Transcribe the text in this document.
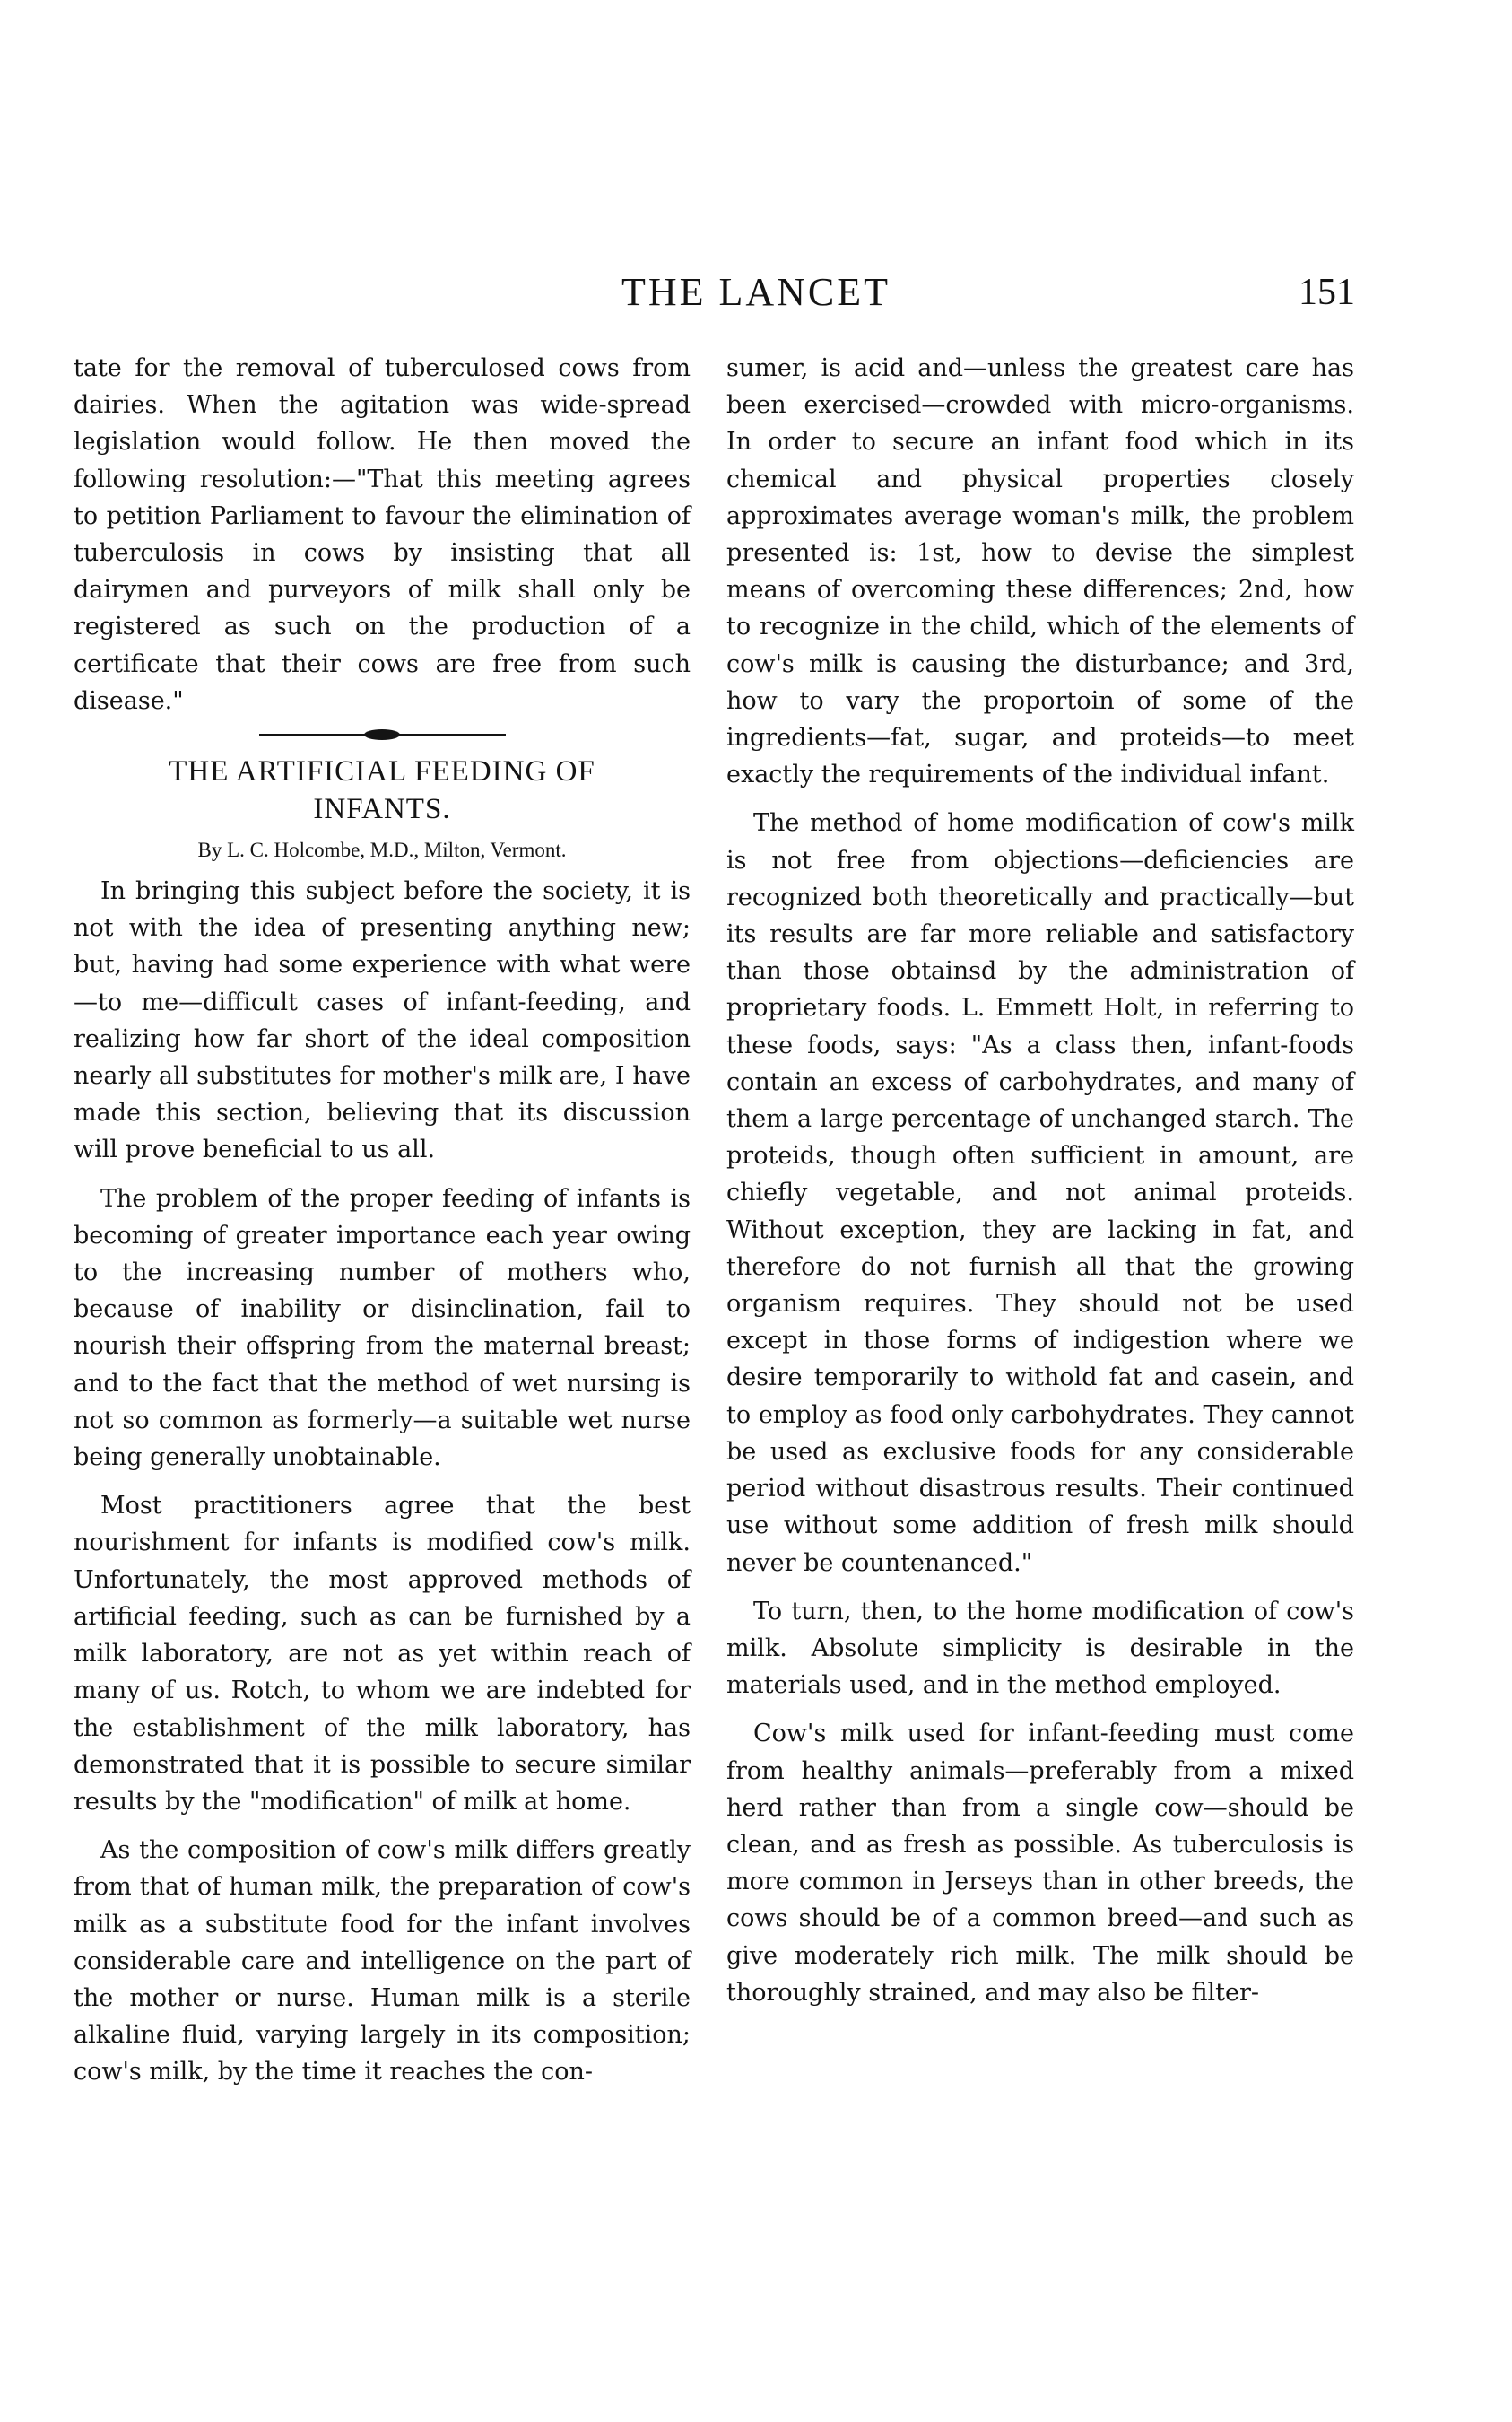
THE LANCET	151

tate for the removal of tuberculosed cows from dairies. When the agitation was wide-spread legislation would follow. He then moved the following resolution:—"That this meeting agrees to petition Parliament to favour the elimination of tuberculosis in cows by insisting that all dairymen and purveyors of milk shall only be registered as such on the production of a certificate that their cows are free from such disease."

THE ARTIFICIAL FEEDING OF INFANTS.
By L. C. Holcombe, M.D., Milton, Vermont.

In bringing this subject before the society, it is not with the idea of presenting anything new; but, having had some experience with what were—to me—difficult cases of infant-feeding, and realizing how far short of the ideal composition nearly all substitutes for mother's milk are, I have made this section, believing that its discussion will prove beneficial to us all.

The problem of the proper feeding of infants is becoming of greater importance each year owing to the increasing number of mothers who, because of inability or disinclination, fail to nourish their offspring from the maternal breast; and to the fact that the method of wet nursing is not so common as formerly—a suitable wet nurse being generally unobtainable.

Most practitioners agree that the best nourishment for infants is modified cow's milk. Unfortunately, the most approved methods of artificial feeding, such as can be furnished by a milk laboratory, are not as yet within reach of many of us. Rotch, to whom we are indebted for the establishment of the milk laboratory, has demonstrated that it is possible to secure similar results by the "modification" of milk at home.

As the composition of cow's milk differs greatly from that of human milk, the preparation of cow's milk as a substitute food for the infant involves considerable care and intelligence on the part of the mother or nurse. Human milk is a sterile alkaline fluid, varying largely in its composition; cow's milk, by the time it reaches the con-

sumer, is acid and—unless the greatest care has been exercised—crowded with micro-organisms. In order to secure an infant food which in its chemical and physical properties closely approximates average woman's milk, the problem presented is: 1st, how to devise the simplest means of overcoming these differences; 2nd, how to recognize in the child, which of the elements of cow's milk is causing the disturbance; and 3rd, how to vary the proportoin of some of the ingredients—fat, sugar, and proteids—to meet exactly the requirements of the individual infant.

The method of home modification of cow's milk is not free from objections—deficiencies are recognized both theoretically and practically—but its results are far more reliable and satisfactory than those obtainsd by the administration of proprietary foods. L. Emmett Holt, in referring to these foods, says: "As a class then, infant-foods contain an excess of carbohydrates, and many of them a large percentage of unchanged starch. The proteids, though often sufficient in amount, are chiefly vegetable, and not animal proteids. Without exception, they are lacking in fat, and therefore do not furnish all that the growing organism requires. They should not be used except in those forms of indigestion where we desire temporarily to withold fat and casein, and to employ as food only carbohydrates. They cannot be used as exclusive foods for any considerable period without disastrous results. Their continued use without some addition of fresh milk should never be countenanced."

To turn, then, to the home modification of cow's milk. Absolute simplicity is desirable in the materials used, and in the method employed.

Cow's milk used for infant-feeding must come from healthy animals—preferably from a mixed herd rather than from a single cow—should be clean, and as fresh as possible. As tuberculosis is more common in Jerseys than in other breeds, the cows should be of a common breed—and such as give moderately rich milk. The milk should be thoroughly strained, and may also be filter-
